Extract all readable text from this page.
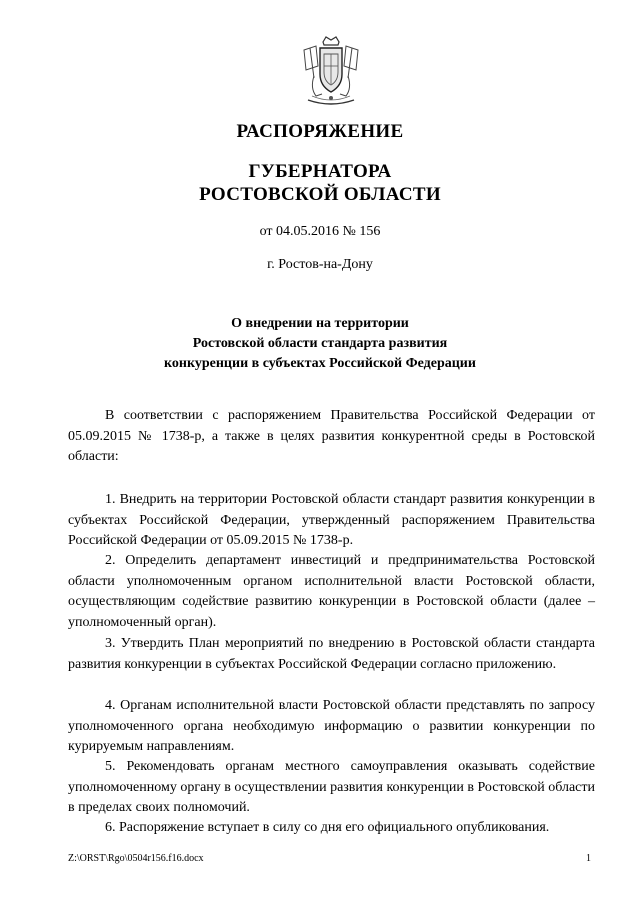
РАСПОРЯЖЕНИЕ
ГУБЕРНАТОРА
РОСТОВСКОЙ ОБЛАСТИ
от 04.05.2016 № 156
г. Ростов-на-Дону
О внедрении на территории
Ростовской области стандарта развития
конкуренции в субъектах Российской Федерации

В соответствии с распоряжением Правительства Российской Федерации от 05.09.2015 № 1738-р, а также в целях развития конкурентной среды в Ростовской области:

1. Внедрить на территории Ростовской области стандарт развития конкуренции в субъектах Российской Федерации, утвержденный распоряжением Правительства Российской Федерации от 05.09.2015 № 1738-р.

2. Определить департамент инвестиций и предпринимательства Ростовской области уполномоченным органом исполнительной власти Ростовской области, осуществляющим содействие развитию конкуренции в Ростовской области (далее – уполномоченный орган).

3. Утвердить План мероприятий по внедрению в Ростовской области стандарта развития конкуренции в субъектах Российской Федерации согласно приложению.

4. Органам исполнительной власти Ростовской области представлять по запросу уполномоченного органа необходимую информацию о развитии конкуренции по курируемым направлениям.

5. Рекомендовать органам местного самоуправления оказывать содействие уполномоченному органу в осуществлении развития конкуренции в Ростовской области в пределах своих полномочий.

6. Распоряжение вступает в силу со дня его официального опубликования.

Z:\ORST\Rgo\0504r156.f16.docx	1
